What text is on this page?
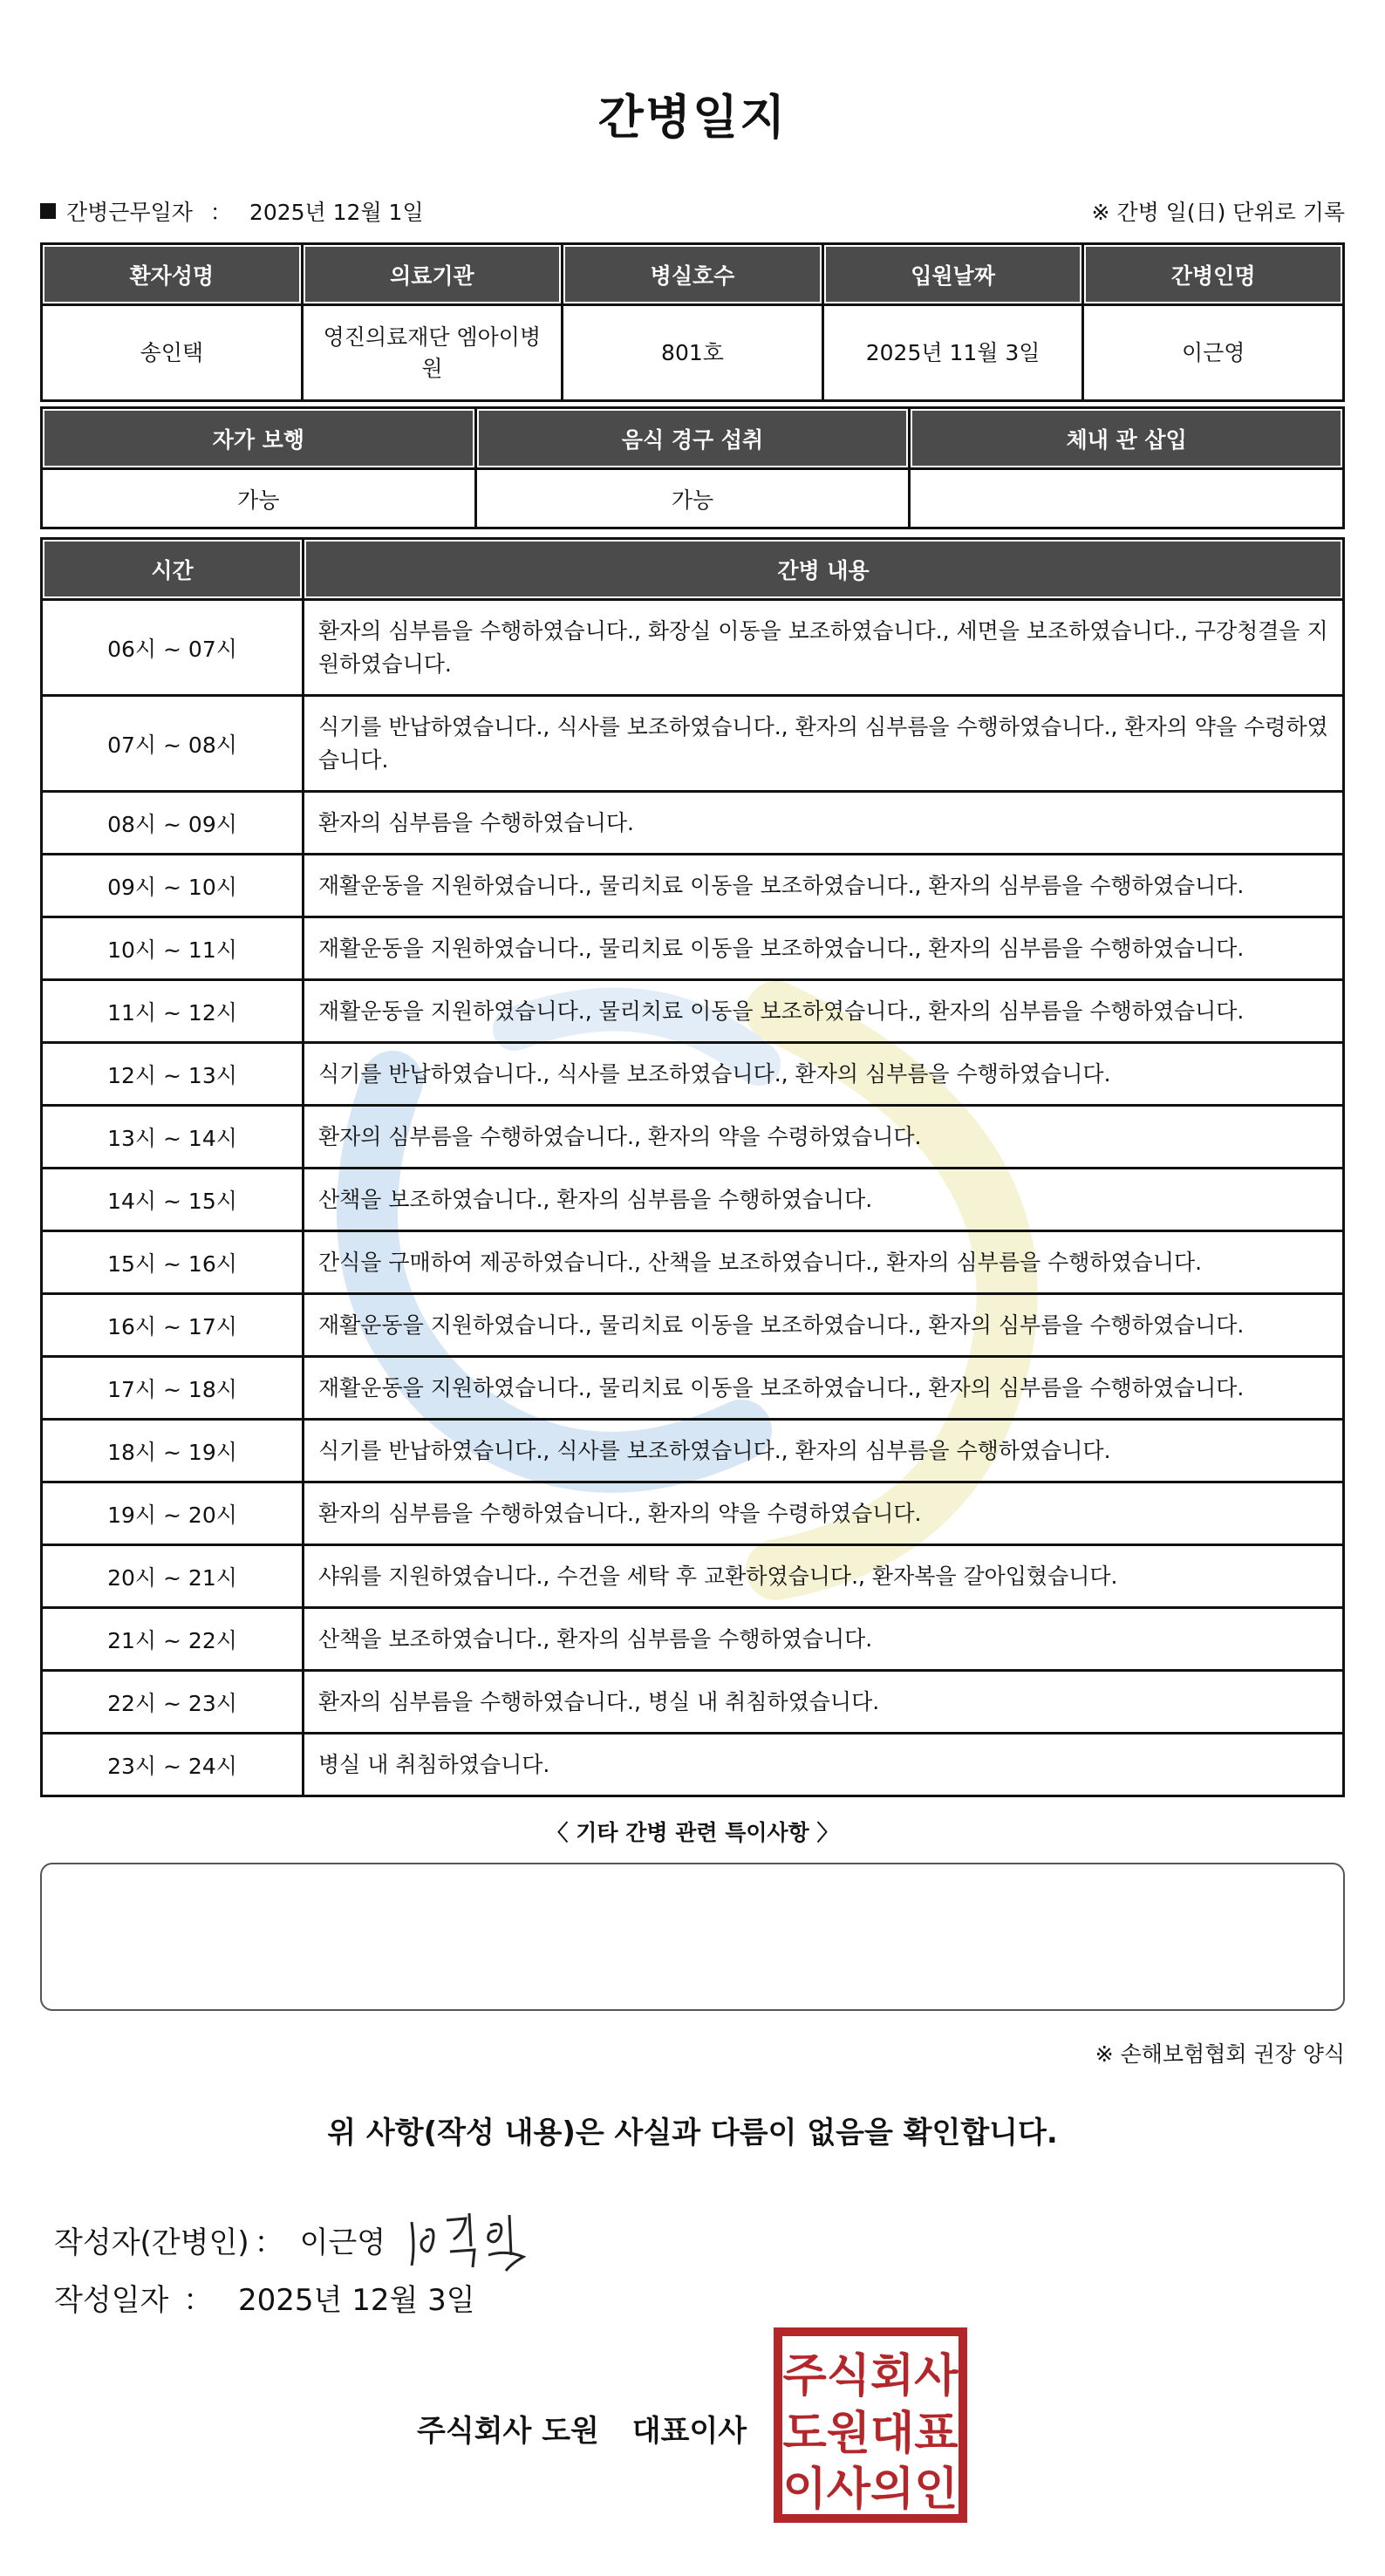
간병일지
간병근무일자 ： 2025년 12월 1일	※ 간병 일(日) 단위로 기록
환자성명	의료기관	병실호수	입원날짜	간병인명
송인택	영진의료재단 엠아이병원	801호	2025년 11월 3일	이근영
자가 보행	음식 경구 섭취	체내 관 삽입
가능	가능	
시간	간병 내용
06시 ~ 07시	환자의 심부름을 수행하였습니다., 화장실 이동을 보조하였습니다., 세면을 보조하였습니다., 구강청결을 지원하였습니다.
07시 ~ 08시	식기를 반납하였습니다., 식사를 보조하였습니다., 환자의 심부름을 수행하였습니다., 환자의 약을 수령하였습니다.
08시 ~ 09시	환자의 심부름을 수행하였습니다.
09시 ~ 10시	재활운동을 지원하였습니다., 물리치료 이동을 보조하였습니다., 환자의 심부름을 수행하였습니다.
10시 ~ 11시	재활운동을 지원하였습니다., 물리치료 이동을 보조하였습니다., 환자의 심부름을 수행하였습니다.
11시 ~ 12시	재활운동을 지원하였습니다., 물리치료 이동을 보조하였습니다., 환자의 심부름을 수행하였습니다.
12시 ~ 13시	식기를 반납하였습니다., 식사를 보조하였습니다., 환자의 심부름을 수행하였습니다.
13시 ~ 14시	환자의 심부름을 수행하였습니다., 환자의 약을 수령하였습니다.
14시 ~ 15시	산책을 보조하였습니다., 환자의 심부름을 수행하였습니다.
15시 ~ 16시	간식을 구매하여 제공하였습니다., 산책을 보조하였습니다., 환자의 심부름을 수행하였습니다.
16시 ~ 17시	재활운동을 지원하였습니다., 물리치료 이동을 보조하였습니다., 환자의 심부름을 수행하였습니다.
17시 ~ 18시	재활운동을 지원하였습니다., 물리치료 이동을 보조하였습니다., 환자의 심부름을 수행하였습니다.
18시 ~ 19시	식기를 반납하였습니다., 식사를 보조하였습니다., 환자의 심부름을 수행하였습니다.
19시 ~ 20시	환자의 심부름을 수행하였습니다., 환자의 약을 수령하였습니다.
20시 ~ 21시	샤워를 지원하였습니다., 수건을 세탁 후 교환하였습니다., 환자복을 갈아입혔습니다.
21시 ~ 22시	산책을 보조하였습니다., 환자의 심부름을 수행하였습니다.
22시 ~ 23시	환자의 심부름을 수행하였습니다., 병실 내 취침하였습니다.
23시 ~ 24시	병실 내 취침하였습니다.
〈 기타 간병 관련 특이사항 〉
※ 손해보험협회 권장 양식
위 사항(작성 내용)은 사실과 다름이 없음을 확인합니다.
작성자(간병인) ： 이근영
작성일자 ： 2025년 12월 3일
주식회사 도원 대표이사
주식회사
도원대표
이사의인
